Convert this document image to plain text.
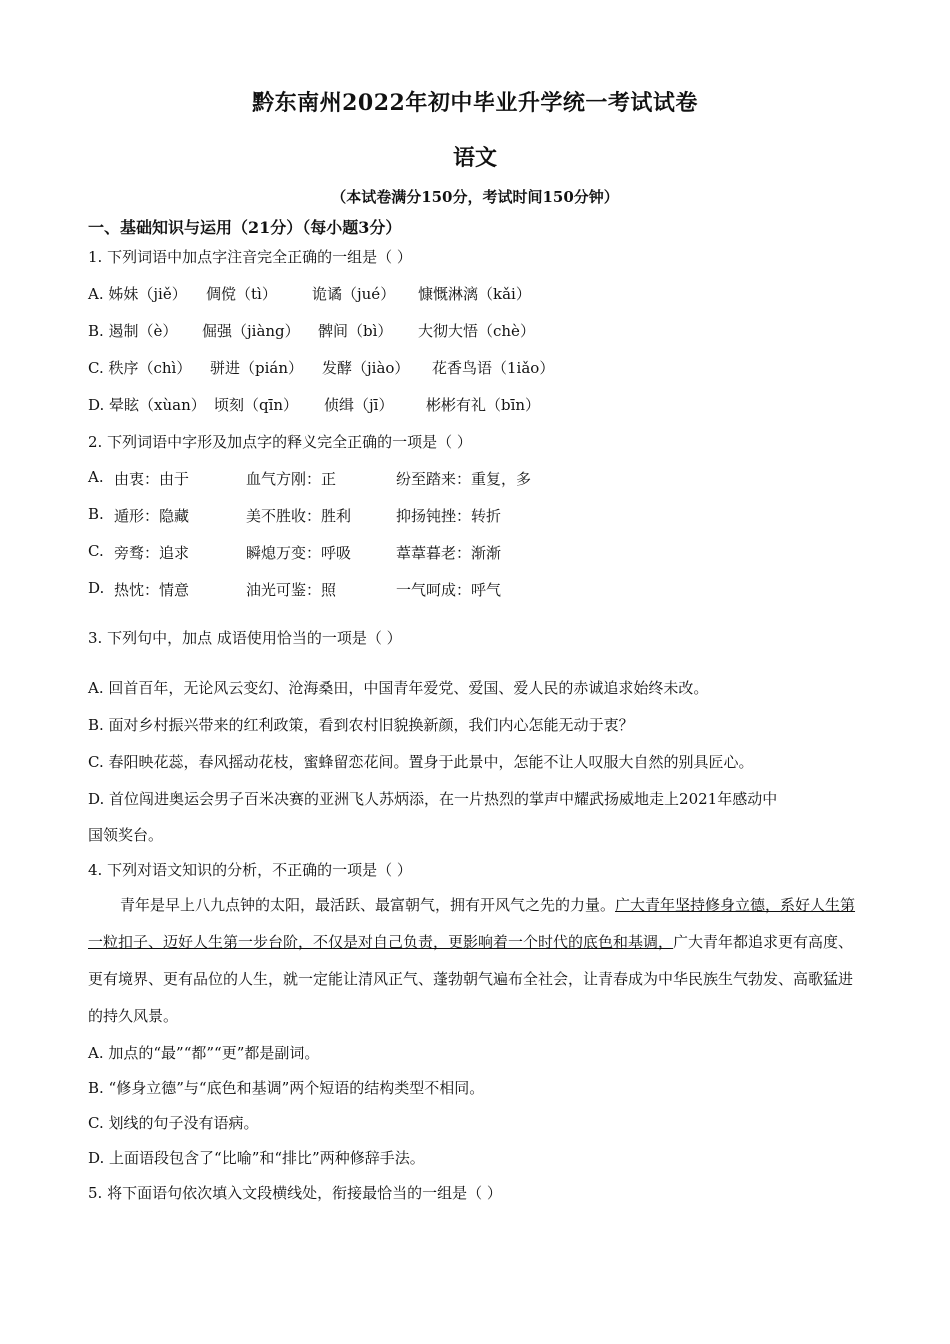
黔东南州2022年初中毕业升学统一考试试卷
语文
（本试卷满分150分，考试时间150分钟）
一、基础知识与运用（21分）（每小题3分）
1. 下列词语中加点字注音完全正确的一组是（ ）
A. 姊妹（jiě） 倜傥（tì） 诡谲（jué） 慷慨淋漓（kǎi）
B. 遏制（è） 倔强（jiàng） 髀间（bì） 大彻大悟（chè）
C. 秩序（chì） 骈进（pián） 发酵（jiào） 花香鸟语（1iǎo）
D. 晕眩（xùan） 顷刻（qīn） 侦缉（jī） 彬彬有礼（bīn）
2. 下列词语中字形及加点字的释义完全正确的一项是（ ）
A. 由衷：由于	血气方刚：正	纷至踏来：重复，多
B. 遁形：隐藏	美不胜收：胜利	抑扬钝挫：转折
C. 旁骛：追求	瞬熄万变：呼吸	葦葦暮老：渐渐
D. 热忱：情意	油光可鉴：照	一气呵成：呼气
3. 下列句中，加点 成语使用恰当的一项是（ ）
A. 回首百年，无论风云变幻、沧海桑田，中国青年爱党、爱国、爱人民的赤诚追求始终未改。
B. 面对乡村振兴带来的红利政策，看到农村旧貌换新颜，我们内心怎能无动于衷？
C. 春阳映花蕊，春风摇动花枝，蜜蜂留恋花间。置身于此景中，怎能不让人叹服大自然的别具匠心。
D. 首位闯进奥运会男子百米决赛的亚洲飞人苏炳添，在一片热烈的掌声中耀武扬威地走上2021年感动中
国领奖台。
4. 下列对语文知识的分析，不正确的一项是（ ）
青年是早上八九点钟的太阳，最活跃、最富朝气，拥有开风气之先的力量。广大青年坚持修身立德，系好人生第一粒扣子、迈好人生第一步台阶，不仅是对自己负责，更影响着一个时代的底色和基调，广大青年都追求更有高度、更有境界、更有品位的人生，就一定能让清风正气、蓬勃朝气遍布全社会，让青春成为中华民族生气勃发、高歌猛进的持久风景。
A. 加点的“最”“都”“更”都是副词。
B. “修身立德”与“底色和基调”两个短语的结构类型不相同。
C. 划线的句子没有语病。
D. 上面语段包含了“比喻”和“排比”两种修辞手法。
5. 将下面语句依次填入文段横线处，衔接最恰当的一组是（ ）
